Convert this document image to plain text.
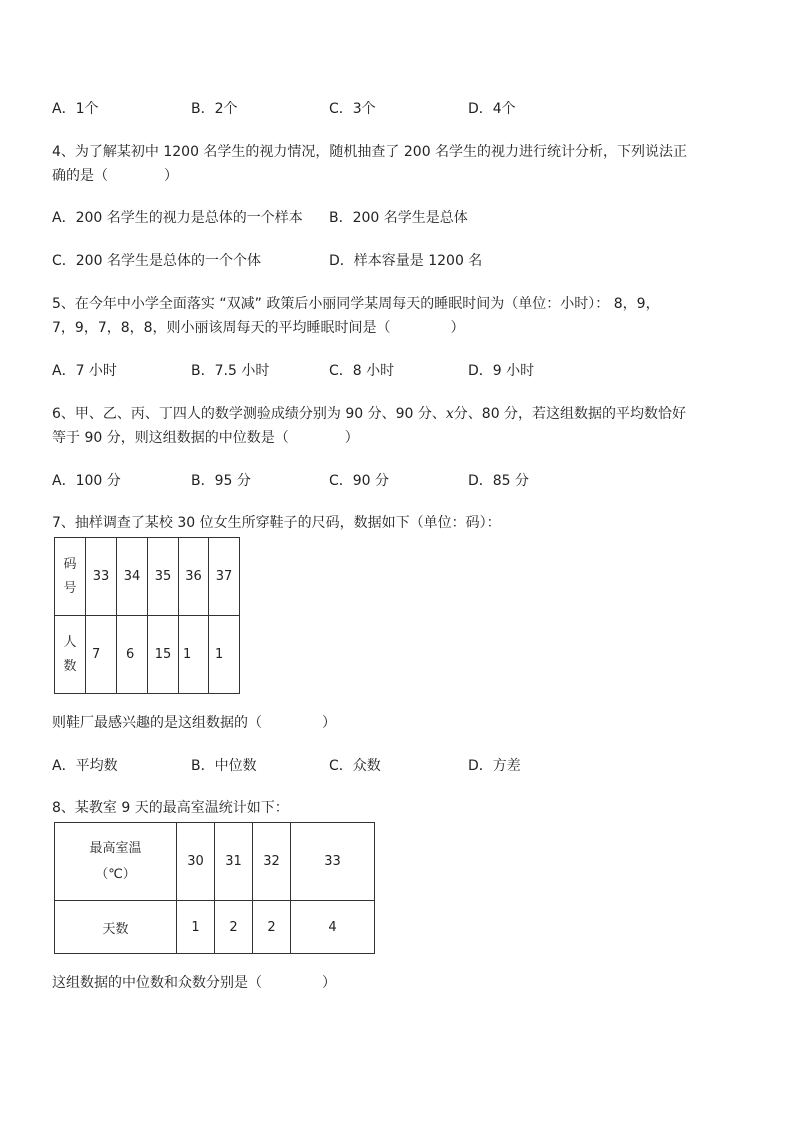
A．1个	B．2个	C．3个	D．4个
4、为了解某初中 1200 名学生的视力情况，随机抽查了 200 名学生的视力进行统计分析，下列说法正
确的是（	）
A．200 名学生的视力是总体的一个样本 B．200 名学生是总体
C．200 名学生是总体的一个个体	D．样本容量是 1200 名
5、在今年中小学全面落实 “双减” 政策后小丽同学某周每天的睡眠时间为（单位：小时）： 8，9，
7，9，7，8，8，则小丽该周每天的平均睡眠时间是（	）
A．7 小时	B．7.5 小时	C．8 小时	D．9 小时
6、甲、乙、丙、丁四人的数学测验成绩分别为 90 分、90 分、x分、80 分，若这组数据的平均数恰好
等于 90 分，则这组数据的中位数是（	）
A．100 分	B．95 分	C．90 分	D．85 分
7、抽样调查了某校 30 位女生所穿鞋子的尺码，数据如下（单位：码）：
码
号	33	34	35	36	37
人
数	7	6	15	1	1
则鞋厂最感兴趣的是这组数据的（	）
A．平均数	B．中位数	C．众数	D．方差
8、某教室 9 天的最高室温统计如下：
最高室温
（℃）	30	31	32	33
天数	1	2	2	4
这组数据的中位数和众数分别是（	）
